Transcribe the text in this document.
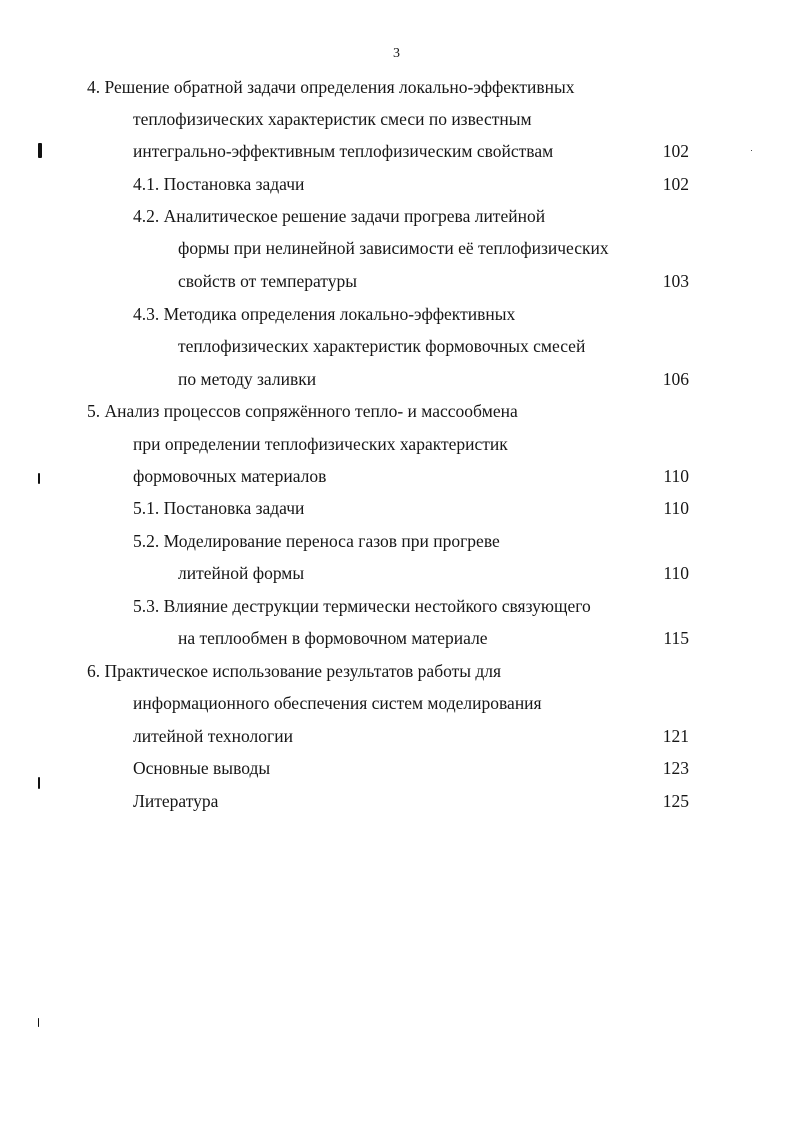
3
4. Решение обратной задачи определения локально-эффективных
теплофизических характеристик смеси по известным
интегрально-эффективным теплофизическим свойствам	102
4.1. Постановка задачи	102
4.2. Аналитическое решение задачи прогрева литейной
формы при нелинейной зависимости её теплофизических
свойств от температуры	103
4.3. Методика определения локально-эффективных
теплофизических характеристик формовочных смесей
по методу заливки	106
5. Анализ процессов сопряжённого тепло- и массообмена
при определении теплофизических характеристик
формовочных материалов	110
5.1. Постановка задачи	110
5.2. Моделирование переноса газов при прогреве
литейной формы	110
5.3. Влияние деструкции термически нестойкого связующего
на теплообмен в формовочном материале	115
6. Практическое использование результатов работы для
информационного обеспечения систем моделирования
литейной технологии	121
Основные выводы	123
Литература	125
